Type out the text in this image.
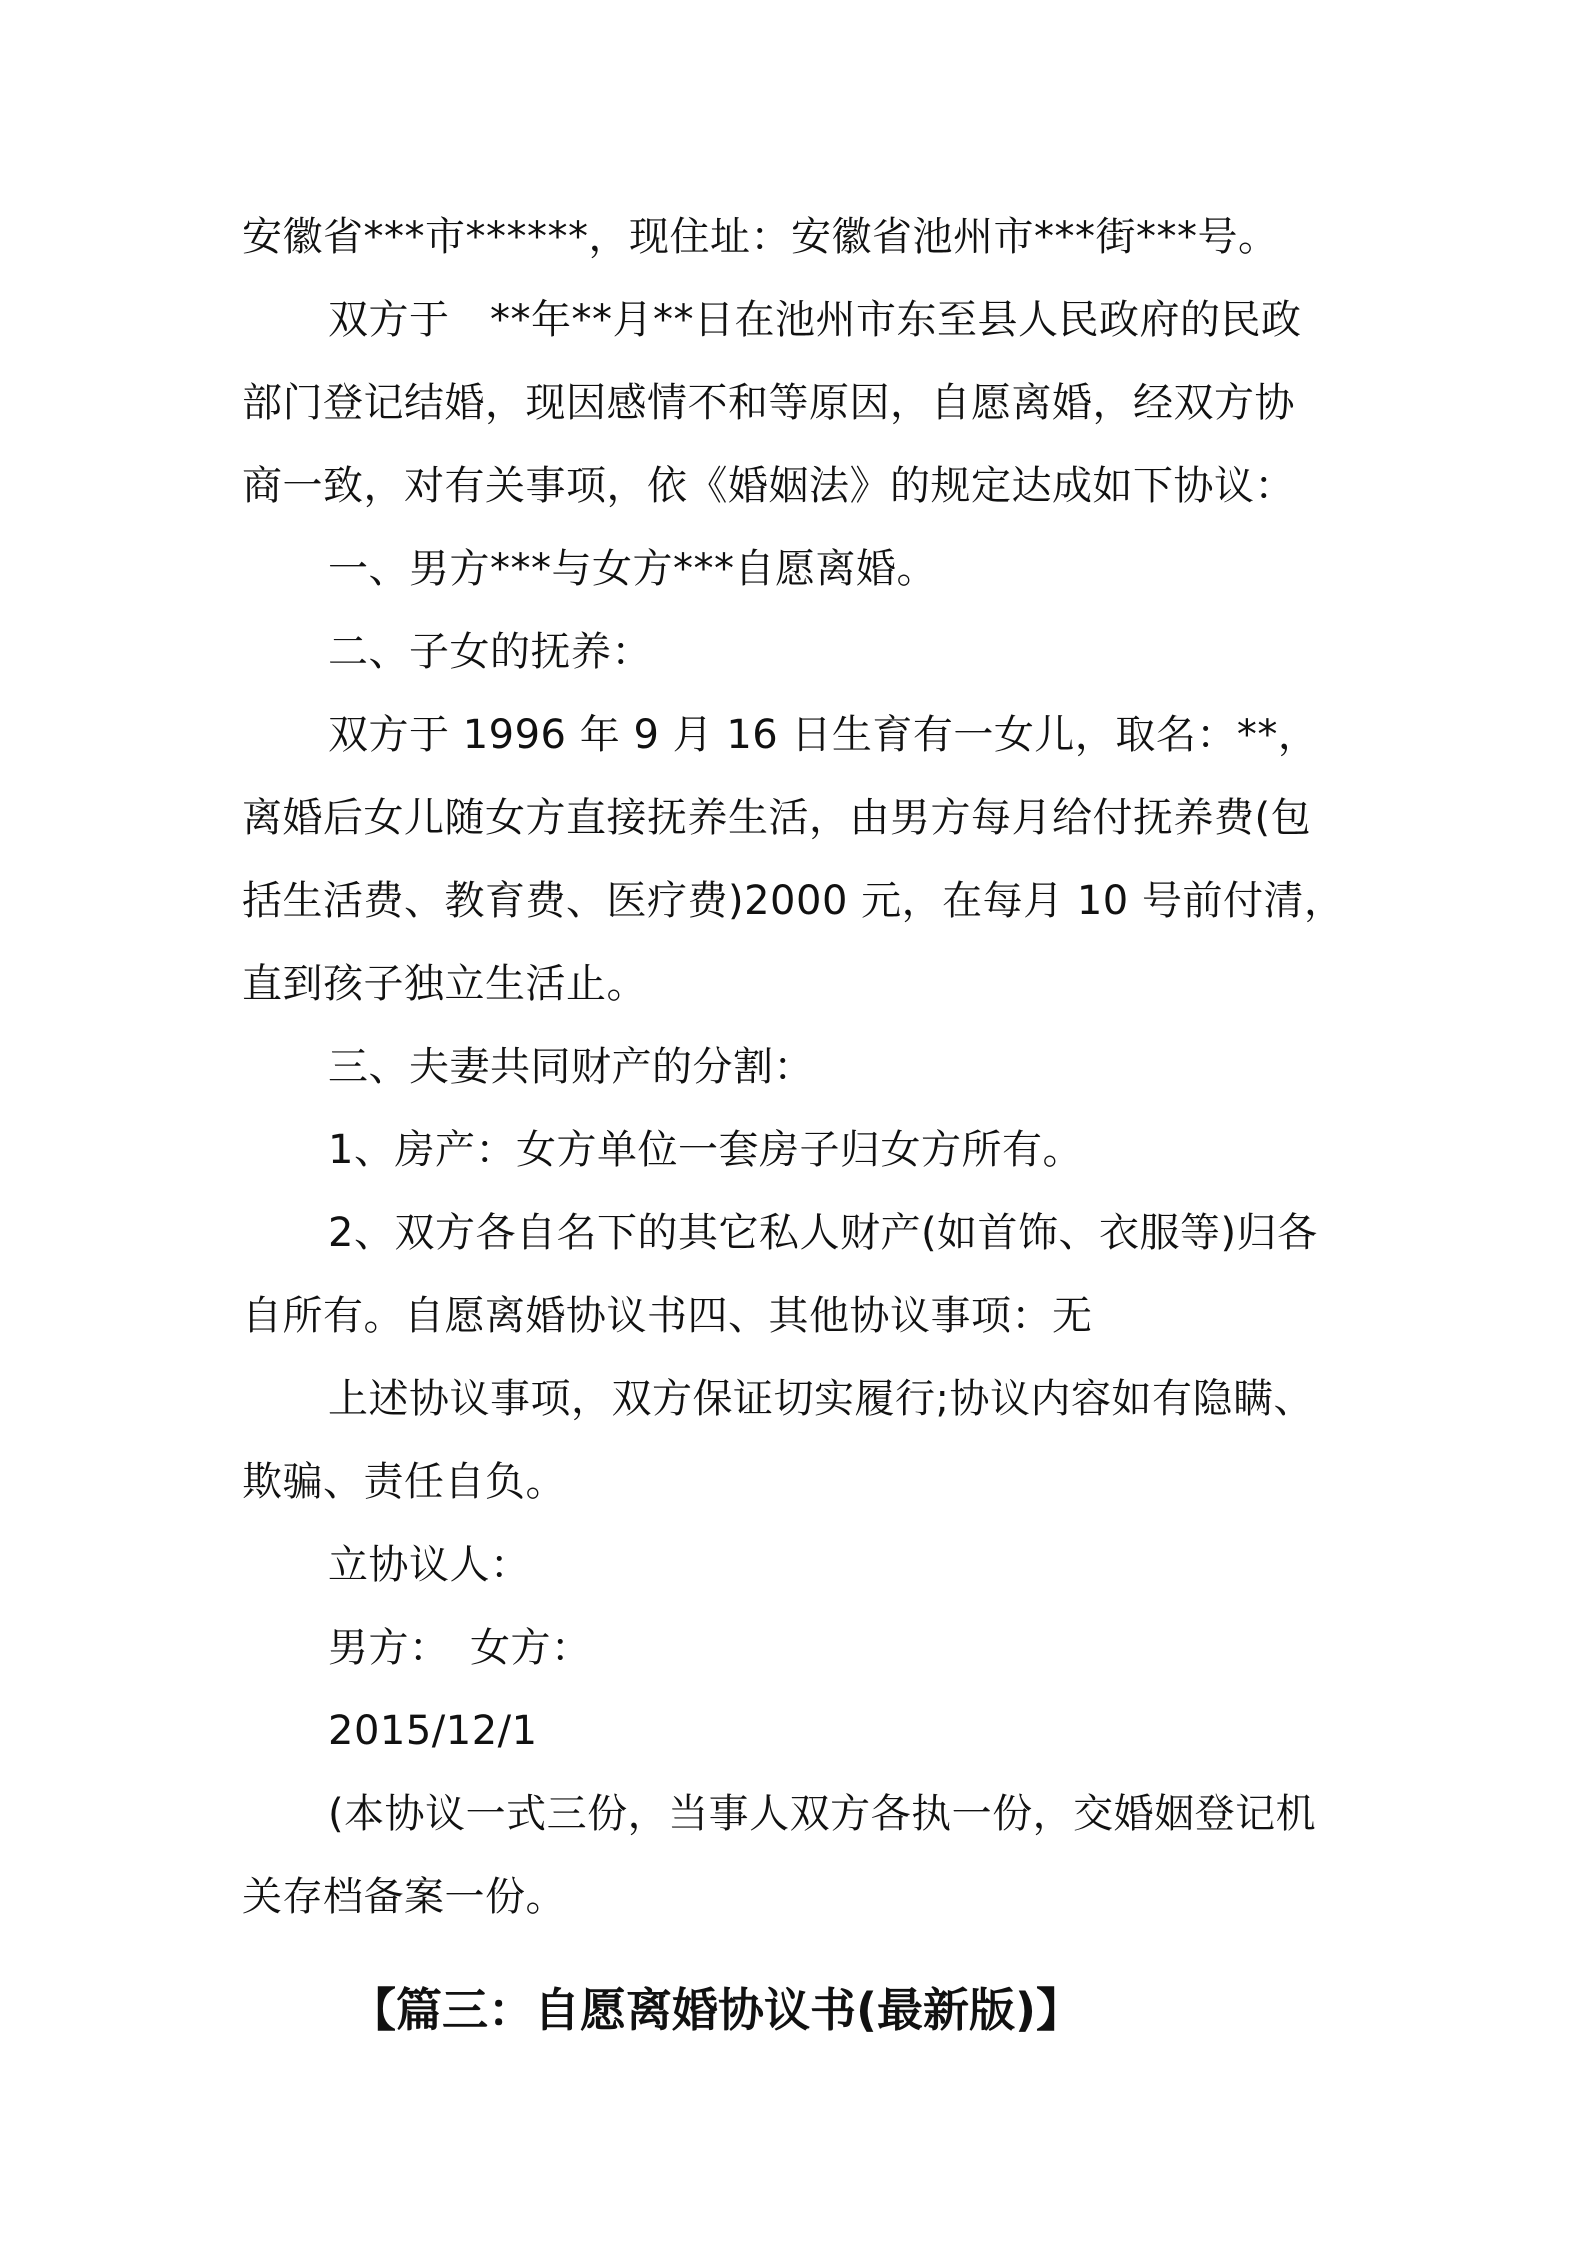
安徽省***市******，现住址：安徽省池州市***街***号。
双方于　**年**月**日在池州市东至县人民政府的民政
部门登记结婚，现因感情不和等原因，自愿离婚，经双方协
商一致，对有关事项，依《婚姻法》的规定达成如下协议：
一、男方***与女方***自愿离婚。
二、子女的抚养：
双方于 1996 年 9 月 16 日生育有一女儿，取名：**，
离婚后女儿随女方直接抚养生活，由男方每月给付抚养费(包
括生活费、教育费、医疗费)2000 元，在每月 10 号前付清，
直到孩子独立生活止。
三、夫妻共同财产的分割：
1、房产：女方单位一套房子归女方所有。
2、双方各自名下的其它私人财产(如首饰、衣服等)归各
自所有。自愿离婚协议书四、其他协议事项：无
上述协议事项，双方保证切实履行;协议内容如有隐瞒、
欺骗、责任自负。
立协议人：
男方：　女方：
2015/12/1
(本协议一式三份，当事人双方各执一份，交婚姻登记机
关存档备案一份。
【篇三：自愿离婚协议书(最新版)】
